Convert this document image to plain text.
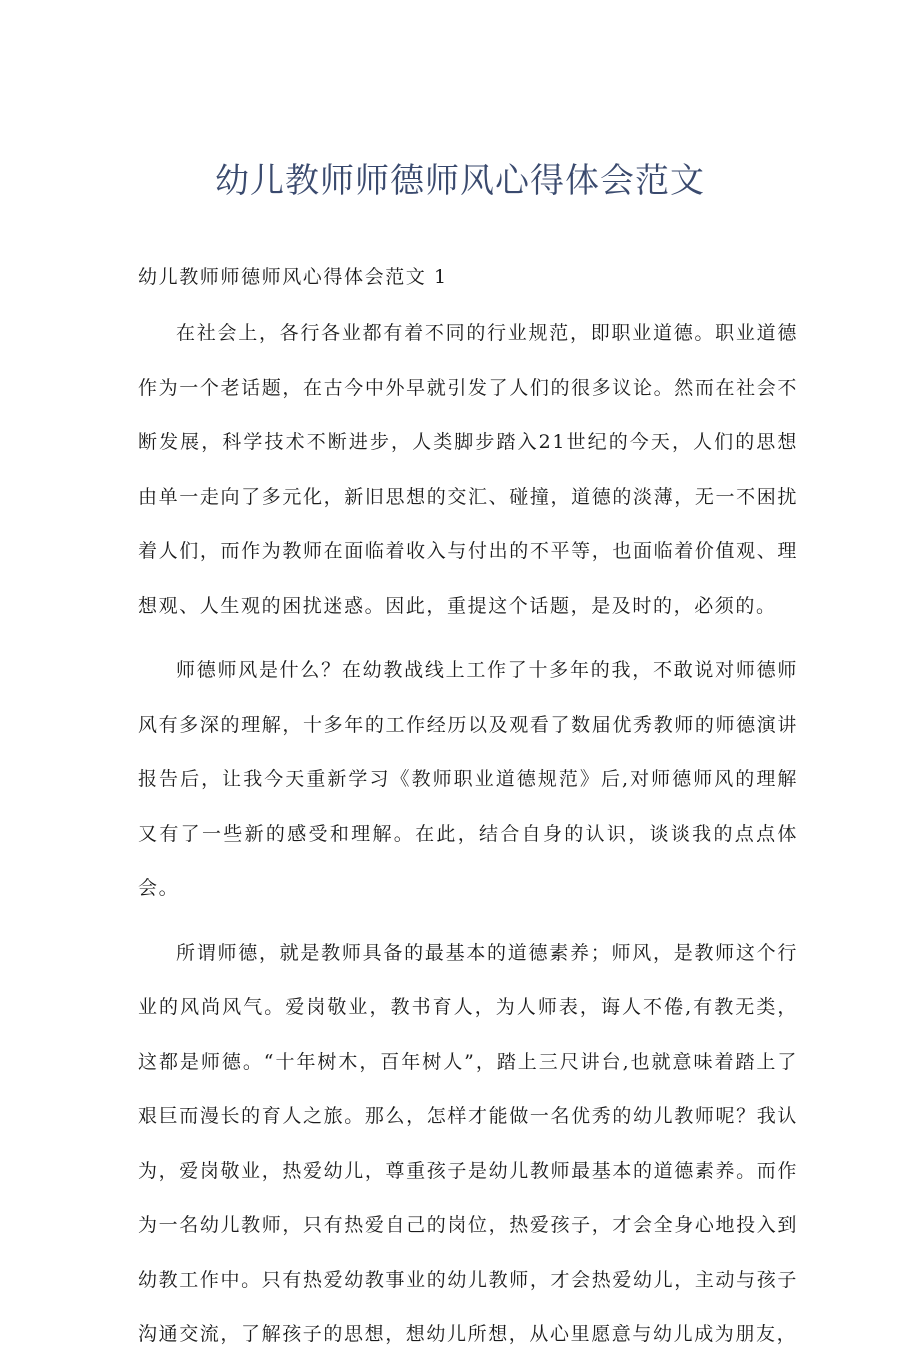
幼儿教师师德师风心得体会范文
幼儿教师师德师风心得体会范文 1

在社会上，各行各业都有着不同的行业规范，即职业道德。职业道德作为一个老话题，在古今中外早就引发了人们的很多议论。然而在社会不断发展，科学技术不断进步，人类脚步踏入21世纪的今天，人们的思想由单一走向了多元化，新旧思想的交汇、碰撞，道德的淡薄，无一不困扰着人们，而作为教师在面临着收入与付出的不平等，也面临着价值观、理想观、人生观的困扰迷惑。因此，重提这个话题，是及时的，必须的。

师德师风是什么？在幼教战线上工作了十多年的我，不敢说对师德师风有多深的理解，十多年的工作经历以及观看了数届优秀教师的师德演讲报告后，让我今天重新学习《教师职业道德规范》后,对师德师风的理解又有了一些新的感受和理解。在此，结合自身的认识，谈谈我的点点体会。

所谓师德，就是教师具备的最基本的道德素养；师风，是教师这个行业的风尚风气。爱岗敬业，教书育人，为人师表，诲人不倦,有教无类，这都是师德。“十年树木，百年树人”，踏上三尺讲台,也就意味着踏上了艰巨而漫长的育人之旅。那么，怎样才能做一名优秀的幼儿教师呢？我认为，爱岗敬业，热爱幼儿，尊重孩子是幼儿教师最基本的道德素养。而作为一名幼儿教师，只有热爱自己的岗位，热爱孩子，才会全身心地投入到幼教工作中。只有热爱幼教事业的幼儿教师，才会热爱幼儿，主动与孩子沟通交流，了解孩子的思想，想幼儿所想，从心里愿意与幼儿成为朋友，
